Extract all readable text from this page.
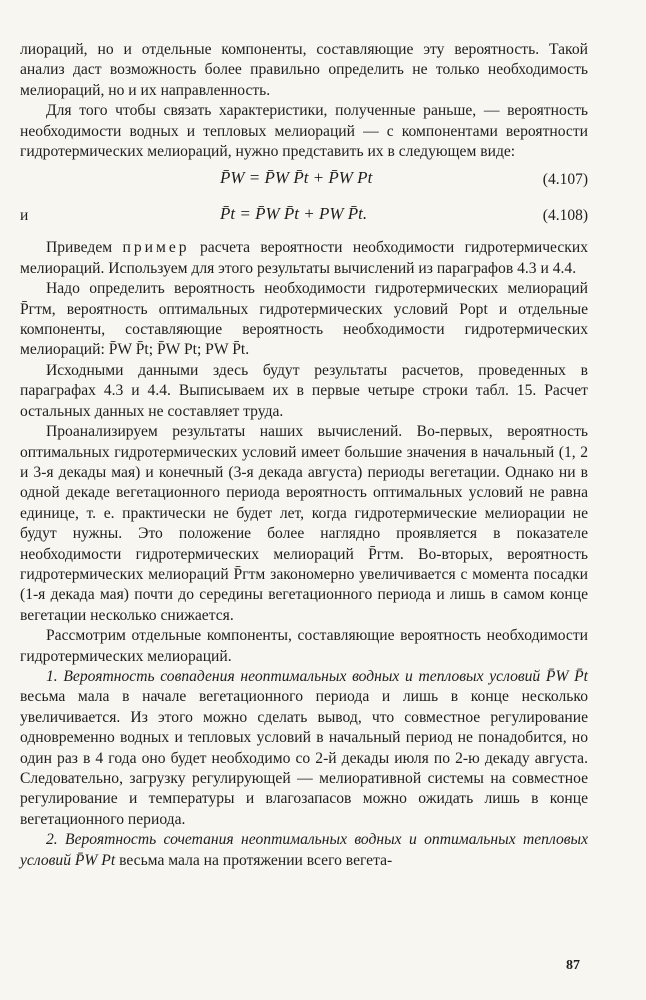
лиораций, но и отдельные компоненты, составляющие эту вероятность. Такой анализ даст возможность более правильно определить не только необходимость мелиораций, но и их направленность.

Для того чтобы связать характеристики, полученные раньше, — вероятность необходимости водных и тепловых мелиораций — с компонентами вероятности гидротермических мелиораций, нужно представить их в следующем виде:

P̄W = P̄W P̄t + P̄W Pt	(4.107)
и	P̄t = P̄W P̄t + PW P̄t.	(4.108)

Приведем пример расчета вероятности необходимости гидротермических мелиораций. Используем для этого результаты вычислений из параграфов 4.3 и 4.4.

Надо определить вероятность необходимости гидротермических мелиораций P̄гтм, вероятность оптимальных гидротермических условий Popt и отдельные компоненты, составляющие вероятность необходимости гидротермических мелиораций: P̄W P̄t; P̄W Pt; PW P̄t.

Исходными данными здесь будут результаты расчетов, проведенных в параграфах 4.3 и 4.4. Выписываем их в первые четыре строки табл. 15. Расчет остальных данных не составляет труда.

Проанализируем результаты наших вычислений. Во-первых, вероятность оптимальных гидротермических условий имеет большие значения в начальный (1, 2 и 3-я декады мая) и конечный (3-я декада августа) периоды вегетации. Однако ни в одной декаде вегетационного периода вероятность оптимальных условий не равна единице, т. е. практически не будет лет, когда гидротермические мелиорации не будут нужны. Это положение более наглядно проявляется в показателе необходимости гидротермических мелиораций P̄гтм. Во-вторых, вероятность гидротермических мелиораций P̄гтм закономерно увеличивается с момента посадки (1-я декада мая) почти до середины вегетационного периода и лишь в самом конце вегетации несколько снижается.

Рассмотрим отдельные компоненты, составляющие вероятность необходимости гидротермических мелиораций.

1. Вероятность совпадения неоптимальных водных и тепловых условий P̄W P̄t весьма мала в начале вегетационного периода и лишь в конце несколько увеличивается. Из этого можно сделать вывод, что совместное регулирование одновременно водных и тепловых условий в начальный период не понадобится, но один раз в 4 года оно будет необходимо со 2-й декады июля по 2-ю декаду августа. Следовательно, загрузку регулирующей — мелиоративной системы на совместное регулирование и температуры и влагозапасов можно ожидать лишь в конце вегетационного периода.

2. Вероятность сочетания неоптимальных водных и оптимальных тепловых условий P̄W Pt весьма мала на протяжении всего вегета-

87
